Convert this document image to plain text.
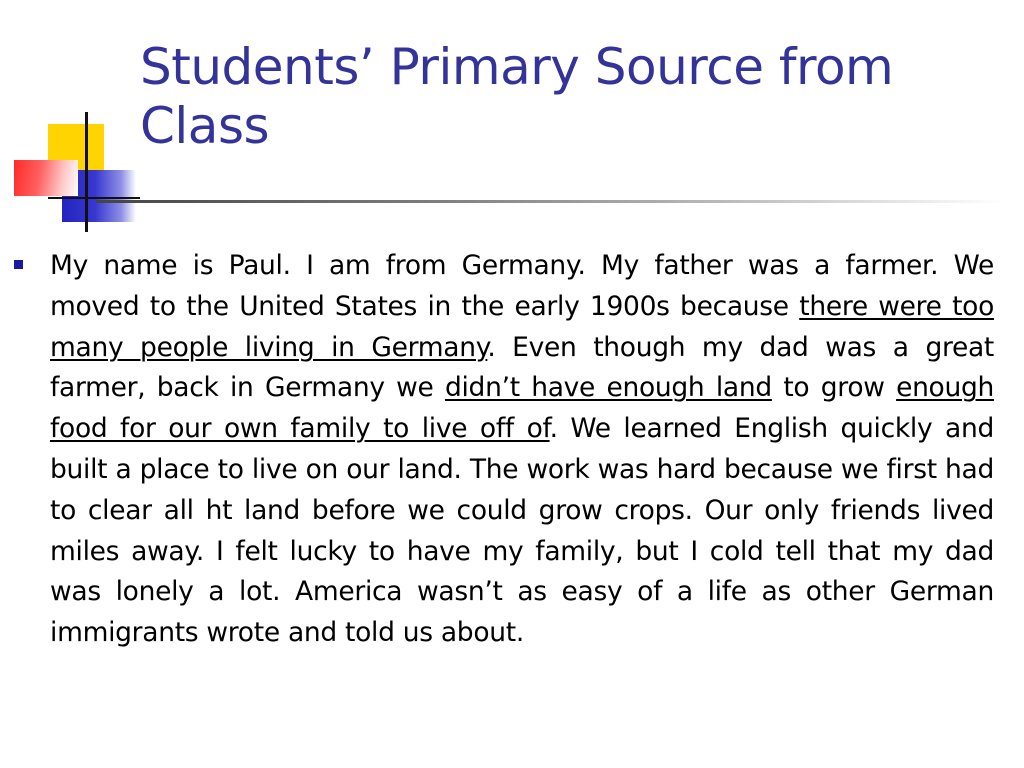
Students’ Primary Source from Class

My name is Paul. I am from Germany. My father was a farmer. We moved to the United States in the early 1900s because there were too many people living in Germany. Even though my dad was a great farmer, back in Germany we didn’t have enough land to grow enough food for our own family to live off of. We learned English quickly and built a place to live on our land. The work was hard because we first had to clear all ht land before we could grow crops. Our only friends lived miles away. I felt lucky to have my family, but I cold tell that my dad was lonely a lot. America wasn’t as easy of a life as other German immigrants wrote and told us about.
